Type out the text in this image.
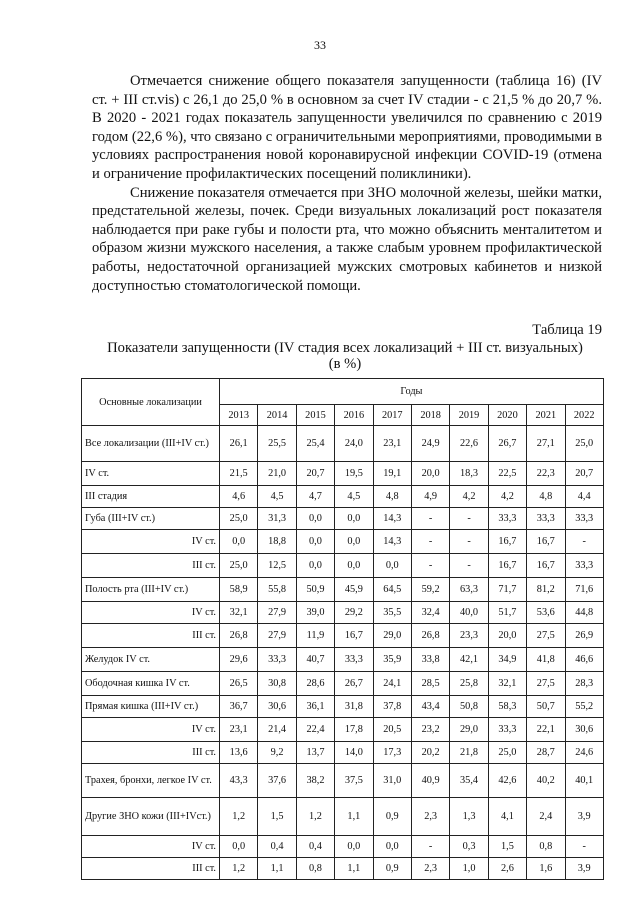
33

Отмечается снижение общего показателя запущенности (таблица 16) (IV ст. + III ст.vis) с 26,1 до 25,0 % в основном за счет IV стадии - с 21,5 % до 20,7 %. В 2020 - 2021 годах показатель запущенности увеличился по сравнению с 2019 годом (22,6 %), что связано с ограничительными мероприятиями, проводимыми в условиях распространения новой коронавирусной инфекции COVID-19 (отмена и ограничение профилактических посещений поликлиники).

Снижение показателя отмечается при ЗНО молочной железы, шейки матки, предстательной железы, почек. Среди визуальных локализаций рост показателя наблюдается при раке губы и полости рта, что можно объяснить менталитетом и образом жизни мужского населения, а также слабым уровнем профилактической работы, недостаточной организацией мужских смотровых кабинетов и низкой доступностью стоматологической помощи.

Таблица 19
Показатели запущенности (IV стадия всех локализаций + III ст. визуальных)
(в %)
Основные локализации	Годы									
	2013	2014	2015	2016	2017	2018	2019	2020	2021	2022
Все локализации (III+IV ст.)	26,1	25,5	25,4	24,0	23,1	24,9	22,6	26,7	27,1	25,0
IV ст.	21,5	21,0	20,7	19,5	19,1	20,0	18,3	22,5	22,3	20,7
III стадия	4,6	4,5	4,7	4,5	4,8	4,9	4,2	4,2	4,8	4,4
Губа (III+IV ст.)	25,0	31,3	0,0	0,0	14,3	-	-	33,3	33,3	33,3
IV ст.	0,0	18,8	0,0	0,0	14,3	-	-	16,7	16,7	-
III ст.	25,0	12,5	0,0	0,0	0,0	-	-	16,7	16,7	33,3
Полость рта (III+IV ст.)	58,9	55,8	50,9	45,9	64,5	59,2	63,3	71,7	81,2	71,6
IV ст.	32,1	27,9	39,0	29,2	35,5	32,4	40,0	51,7	53,6	44,8
III ст.	26,8	27,9	11,9	16,7	29,0	26,8	23,3	20,0	27,5	26,9
Желудок IV ст.	29,6	33,3	40,7	33,3	35,9	33,8	42,1	34,9	41,8	46,6
Ободочная кишка IV ст.	26,5	30,8	28,6	26,7	24,1	28,5	25,8	32,1	27,5	28,3
Прямая кишка (III+IV ст.)	36,7	30,6	36,1	31,8	37,8	43,4	50,8	58,3	50,7	55,2
IV ст.	23,1	21,4	22,4	17,8	20,5	23,2	29,0	33,3	22,1	30,6
III ст.	13,6	9,2	13,7	14,0	17,3	20,2	21,8	25,0	28,7	24,6
Трахея, бронхи, легкое IV ст.	43,3	37,6	38,2	37,5	31,0	40,9	35,4	42,6	40,2	40,1
Другие ЗНО кожи (III+IVст.)	1,2	1,5	1,2	1,1	0,9	2,3	1,3	4,1	2,4	3,9
IV ст.	0,0	0,4	0,4	0,0	0,0	-	0,3	1,5	0,8	-
III ст.	1,2	1,1	0,8	1,1	0,9	2,3	1,0	2,6	1,6	3,9
